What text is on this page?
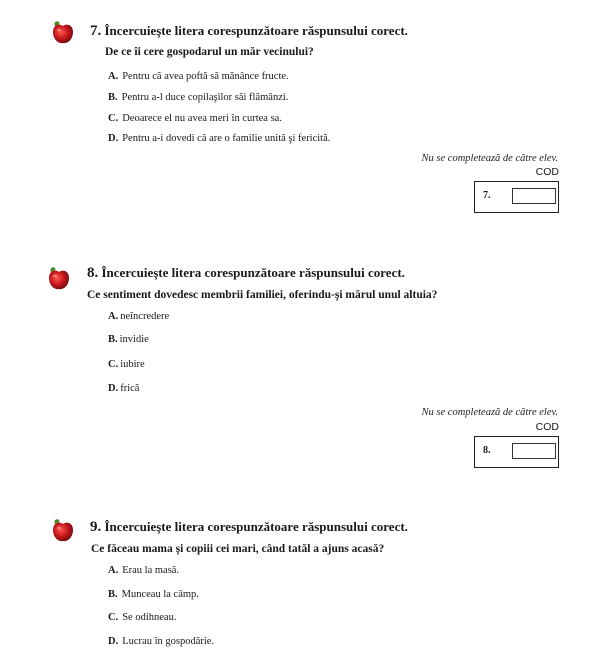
7. Încercuieşte litera corespunzătoare răspunsului corect.
De ce îi cere gospodarul un măr vecinului?
A. Pentru că avea poftă să mănânce fructe.
B. Pentru a-l duce copilaşilor săi flămânzi.
C. Deoarece el nu avea meri în curtea sa.
D. Pentru a-i dovedi că are o familie unită şi fericită.
Nu se completează de către elev.
COD
7.
8. Încercuieşte litera corespunzătoare răspunsului corect.
Ce sentiment dovedesc membrii familiei, oferindu-şi mărul unul altuia?
A. neîncredere
B. invidie
C. iubire
D. frică
Nu se completează de către elev.
COD
8.
9. Încercuieşte litera corespunzătoare răspunsului corect.
Ce făceau mama şi copiii cei mari, când tatăl a ajuns acasă?
A. Erau la masă.
B. Munceau la câmp.
C. Se odihneau.
D. Lucrau în gospodărie.
